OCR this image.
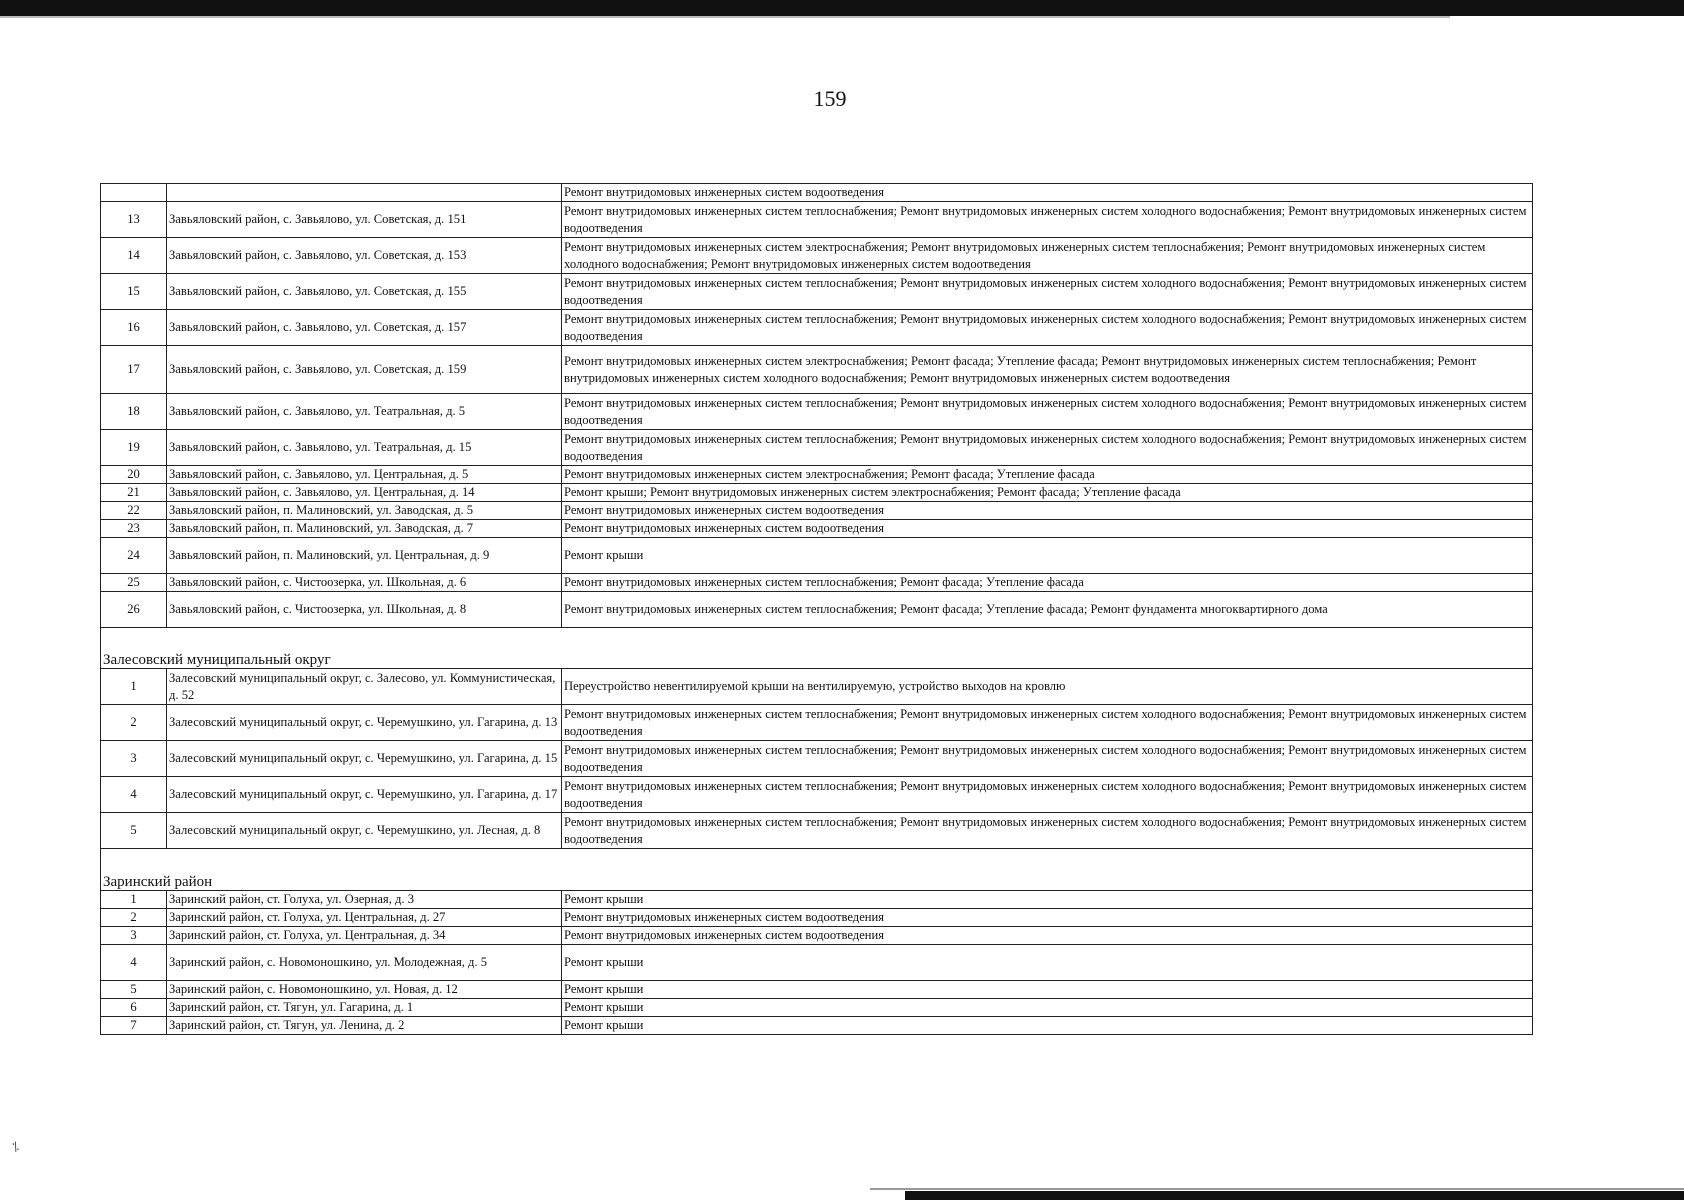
⁒
159
		Ремонт внутридомовых инженерных систем водоотведения
13	Завьяловский район, с. Завьялово, ул. Советская, д. 151	Ремонт внутридомовых инженерных систем теплоснабжения; Ремонт внутридомовых инженерных систем холодного водоснабжения; Ремонт внутридомовых инженерных систем водоотведения
14	Завьяловский район, с. Завьялово, ул. Советская, д. 153	Ремонт внутридомовых инженерных систем электроснабжения; Ремонт внутридомовых инженерных систем теплоснабжения; Ремонт внутридомовых инженерных систем холодного водоснабжения; Ремонт внутридомовых инженерных систем водоотведения
15	Завьяловский район, с. Завьялово, ул. Советская, д. 155	Ремонт внутридомовых инженерных систем теплоснабжения; Ремонт внутридомовых инженерных систем холодного водоснабжения; Ремонт внутридомовых инженерных систем водоотведения
16	Завьяловский район, с. Завьялово, ул. Советская, д. 157	Ремонт внутридомовых инженерных систем теплоснабжения; Ремонт внутридомовых инженерных систем холодного водоснабжения; Ремонт внутридомовых инженерных систем водоотведения
17	Завьяловский район, с. Завьялово, ул. Советская, д. 159	Ремонт внутридомовых инженерных систем электроснабжения; Ремонт фасада; Утепление фасада; Ремонт внутридомовых инженерных систем теплоснабжения; Ремонт внутридомовых инженерных систем холодного водоснабжения; Ремонт внутридомовых инженерных систем водоотведения
18	Завьяловский район, с. Завьялово, ул. Театральная, д. 5	Ремонт внутридомовых инженерных систем теплоснабжения; Ремонт внутридомовых инженерных систем холодного водоснабжения; Ремонт внутридомовых инженерных систем водоотведения
19	Завьяловский район, с. Завьялово, ул. Театральная, д. 15	Ремонт внутридомовых инженерных систем теплоснабжения; Ремонт внутридомовых инженерных систем холодного водоснабжения; Ремонт внутридомовых инженерных систем водоотведения
20	Завьяловский район, с. Завьялово, ул. Центральная, д. 5	Ремонт внутридомовых инженерных систем электроснабжения; Ремонт фасада; Утепление фасада
21	Завьяловский район, с. Завьялово, ул. Центральная, д. 14	Ремонт крыши; Ремонт внутридомовых инженерных систем электроснабжения; Ремонт фасада; Утепление фасада
22	Завьяловский район, п. Малиновский, ул. Заводская, д. 5	Ремонт внутридомовых инженерных систем водоотведения
23	Завьяловский район, п. Малиновский, ул. Заводская, д. 7	Ремонт внутридомовых инженерных систем водоотведения
24	Завьяловский район, п. Малиновский, ул. Центральная, д. 9	Ремонт крыши
25	Завьяловский район, с. Чистоозерка, ул. Школьная, д. 6	Ремонт внутридомовых инженерных систем теплоснабжения; Ремонт фасада; Утепление фасада
26	Завьяловский район, с. Чистоозерка, ул. Школьная, д. 8	Ремонт внутридомовых инженерных систем теплоснабжения; Ремонт фасада; Утепление фасада; Ремонт фундамента многоквартирного дома
Залесовский муниципальный округ		
1	Залесовский муниципальный округ, с. Залесово, ул. Коммунистическая, д. 52	Переустройство невентилируемой крыши на вентилируемую, устройство выходов на кровлю
2	Залесовский муниципальный округ, с. Черемушкино, ул. Гагарина, д. 13	Ремонт внутридомовых инженерных систем теплоснабжения; Ремонт внутридомовых инженерных систем холодного водоснабжения; Ремонт внутридомовых инженерных систем водоотведения
3	Залесовский муниципальный округ, с. Черемушкино, ул. Гагарина, д. 15	Ремонт внутридомовых инженерных систем теплоснабжения; Ремонт внутридомовых инженерных систем холодного водоснабжения; Ремонт внутридомовых инженерных систем водоотведения
4	Залесовский муниципальный округ, с. Черемушкино, ул. Гагарина, д. 17	Ремонт внутридомовых инженерных систем теплоснабжения; Ремонт внутридомовых инженерных систем холодного водоснабжения; Ремонт внутридомовых инженерных систем водоотведения
5	Залесовский муниципальный округ, с. Черемушкино, ул. Лесная, д. 8	Ремонт внутридомовых инженерных систем теплоснабжения; Ремонт внутридомовых инженерных систем холодного водоснабжения; Ремонт внутридомовых инженерных систем водоотведения
Заринский район		
1	Заринский район, ст. Голуха, ул. Озерная, д. 3	Ремонт крыши
2	Заринский район, ст. Голуха, ул. Центральная, д. 27	Ремонт внутридомовых инженерных систем водоотведения
3	Заринский район, ст. Голуха, ул. Центральная, д. 34	Ремонт внутридомовых инженерных систем водоотведения
4	Заринский район, с. Новомоношкино, ул. Молодежная, д. 5	Ремонт крыши
5	Заринский район, с. Новомоношкино, ул. Новая, д. 12	Ремонт крыши
6	Заринский район, ст. Тягун, ул. Гагарина, д. 1	Ремонт крыши
7	Заринский район, ст. Тягун, ул. Ленина, д. 2	Ремонт крыши
